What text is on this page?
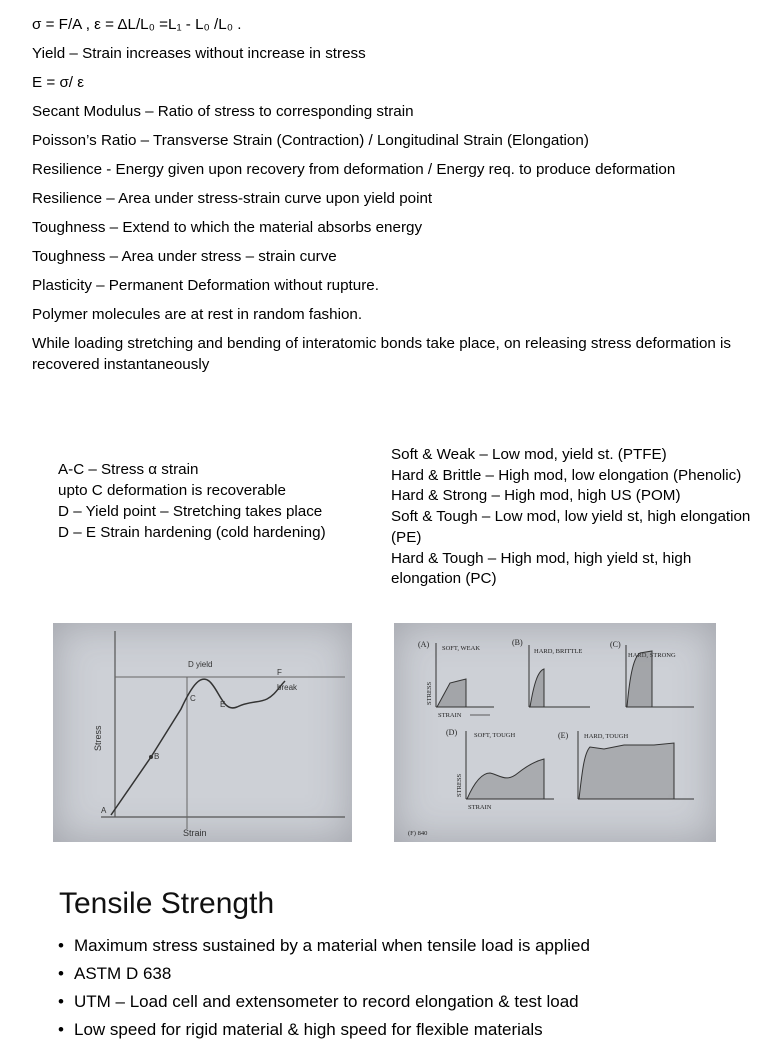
σ = F/A , ε = ΔL/L₀ =L₁ - L₀ /L₀ .
Yield – Strain increases without increase in stress
E = σ/ ε
Secant Modulus – Ratio of stress to corresponding strain
Poisson’s Ratio – Transverse Strain (Contraction) / Longitudinal Strain (Elongation)
Resilience - Energy given upon recovery from deformation / Energy req. to produce deformation
Resilience – Area under stress-strain curve upon yield point
Toughness – Extend to which the material absorbs energy
Toughness – Area under stress – strain curve
Plasticity – Permanent Deformation without rupture.
Polymer molecules are at rest in random fashion.
While loading stretching and bending of interatomic bonds take place, on releasing stress deformation is recovered instantaneously
A-C – Stress α strain
upto C deformation is recoverable
D – Yield point – Stretching takes place
D – E Strain hardening (cold hardening)
Soft & Weak – Low mod, yield st. (PTFE)
Hard & Brittle – High mod, low elongation (Phenolic)
Hard & Strong – High mod, high US (POM)
Soft & Tough – Low mod, low yield st, high elongation (PE)
Hard & Tough – High mod, high yield st, high elongation (PC)
A
B
C
D yield
E
F
break
Stress
Strain
(A) SOFT, WEAK
STRESS
STRAIN
(B)
HARD, BRITTLE
(C)
HARD, STRONG
(D)	SOFT, TOUGH
STRESS
STRAIN
(E) HARD, TOUGH
(F) 840
Tensile Strength
• Maximum stress sustained by a material when tensile load is applied
• ASTM D 638
• UTM – Load cell and extensometer to record elongation & test load
• Low speed for rigid material & high speed for flexible materials
